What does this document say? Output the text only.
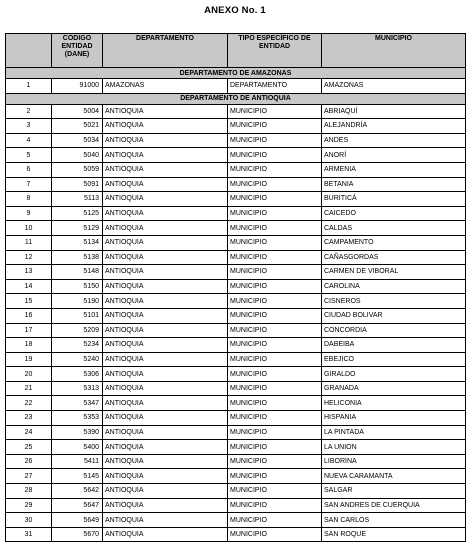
ANEXO No. 1
	CÓDIGO ENTIDAD (DANE)	DEPARTAMENTO	TIPO ESPECÍFICO DE ENTIDAD	MUNICIPIO
DEPARTAMENTO DE AMAZONAS				
1	91000	AMAZONAS	DEPARTAMENTO	AMAZONAS
DEPARTAMENTO DE ANTIOQUIA				
2	5004	ANTIOQUIA	MUNICIPIO	ABRIAQUÍ
3	5021	ANTIOQUIA	MUNICIPIO	ALEJANDRÍA
4	5034	ANTIOQUIA	MUNICIPIO	ANDES
5	5040	ANTIOQUIA	MUNICIPIO	ANORÍ
6	5059	ANTIOQUIA	MUNICIPIO	ARMENIA
7	5091	ANTIOQUIA	MUNICIPIO	BETANIA
8	5113	ANTIOQUIA	MUNICIPIO	BURITICÁ
9	5125	ANTIOQUIA	MUNICIPIO	CAICEDO
10	5129	ANTIOQUIA	MUNICIPIO	CALDAS
11	5134	ANTIOQUIA	MUNICIPIO	CAMPAMENTO
12	5138	ANTIOQUIA	MUNICIPIO	CAÑASGORDAS
13	5148	ANTIOQUIA	MUNICIPIO	CARMEN DE VIBORAL
14	5150	ANTIOQUIA	MUNICIPIO	CAROLINA
15	5190	ANTIOQUIA	MUNICIPIO	CISNEROS
16	5101	ANTIOQUIA	MUNICIPIO	CIUDAD BOLIVAR
17	5209	ANTIOQUIA	MUNICIPIO	CONCORDIA
18	5234	ANTIOQUIA	MUNICIPIO	DABEIBA
19	5240	ANTIOQUIA	MUNICIPIO	EBEJICO
20	5306	ANTIOQUIA	MUNICIPIO	GIRALDO
21	5313	ANTIOQUIA	MUNICIPIO	GRANADA
22	5347	ANTIOQUIA	MUNICIPIO	HELICONIA
23	5353	ANTIOQUIA	MUNICIPIO	HISPANIA
24	5390	ANTIOQUIA	MUNICIPIO	LA PINTADA
25	5400	ANTIOQUIA	MUNICIPIO	LA UNION
26	5411	ANTIOQUIA	MUNICIPIO	LIBORINA
27	5145	ANTIOQUIA	MUNICIPIO	NUEVA CARAMANTA
28	5642	ANTIOQUIA	MUNICIPIO	SALGAR
29	5647	ANTIOQUIA	MUNICIPIO	SAN ANDRES DE CUERQUIA
30	5649	ANTIOQUIA	MUNICIPIO	SAN CARLOS
31	5670	ANTIOQUIA	MUNICIPIO	SAN ROQUE
